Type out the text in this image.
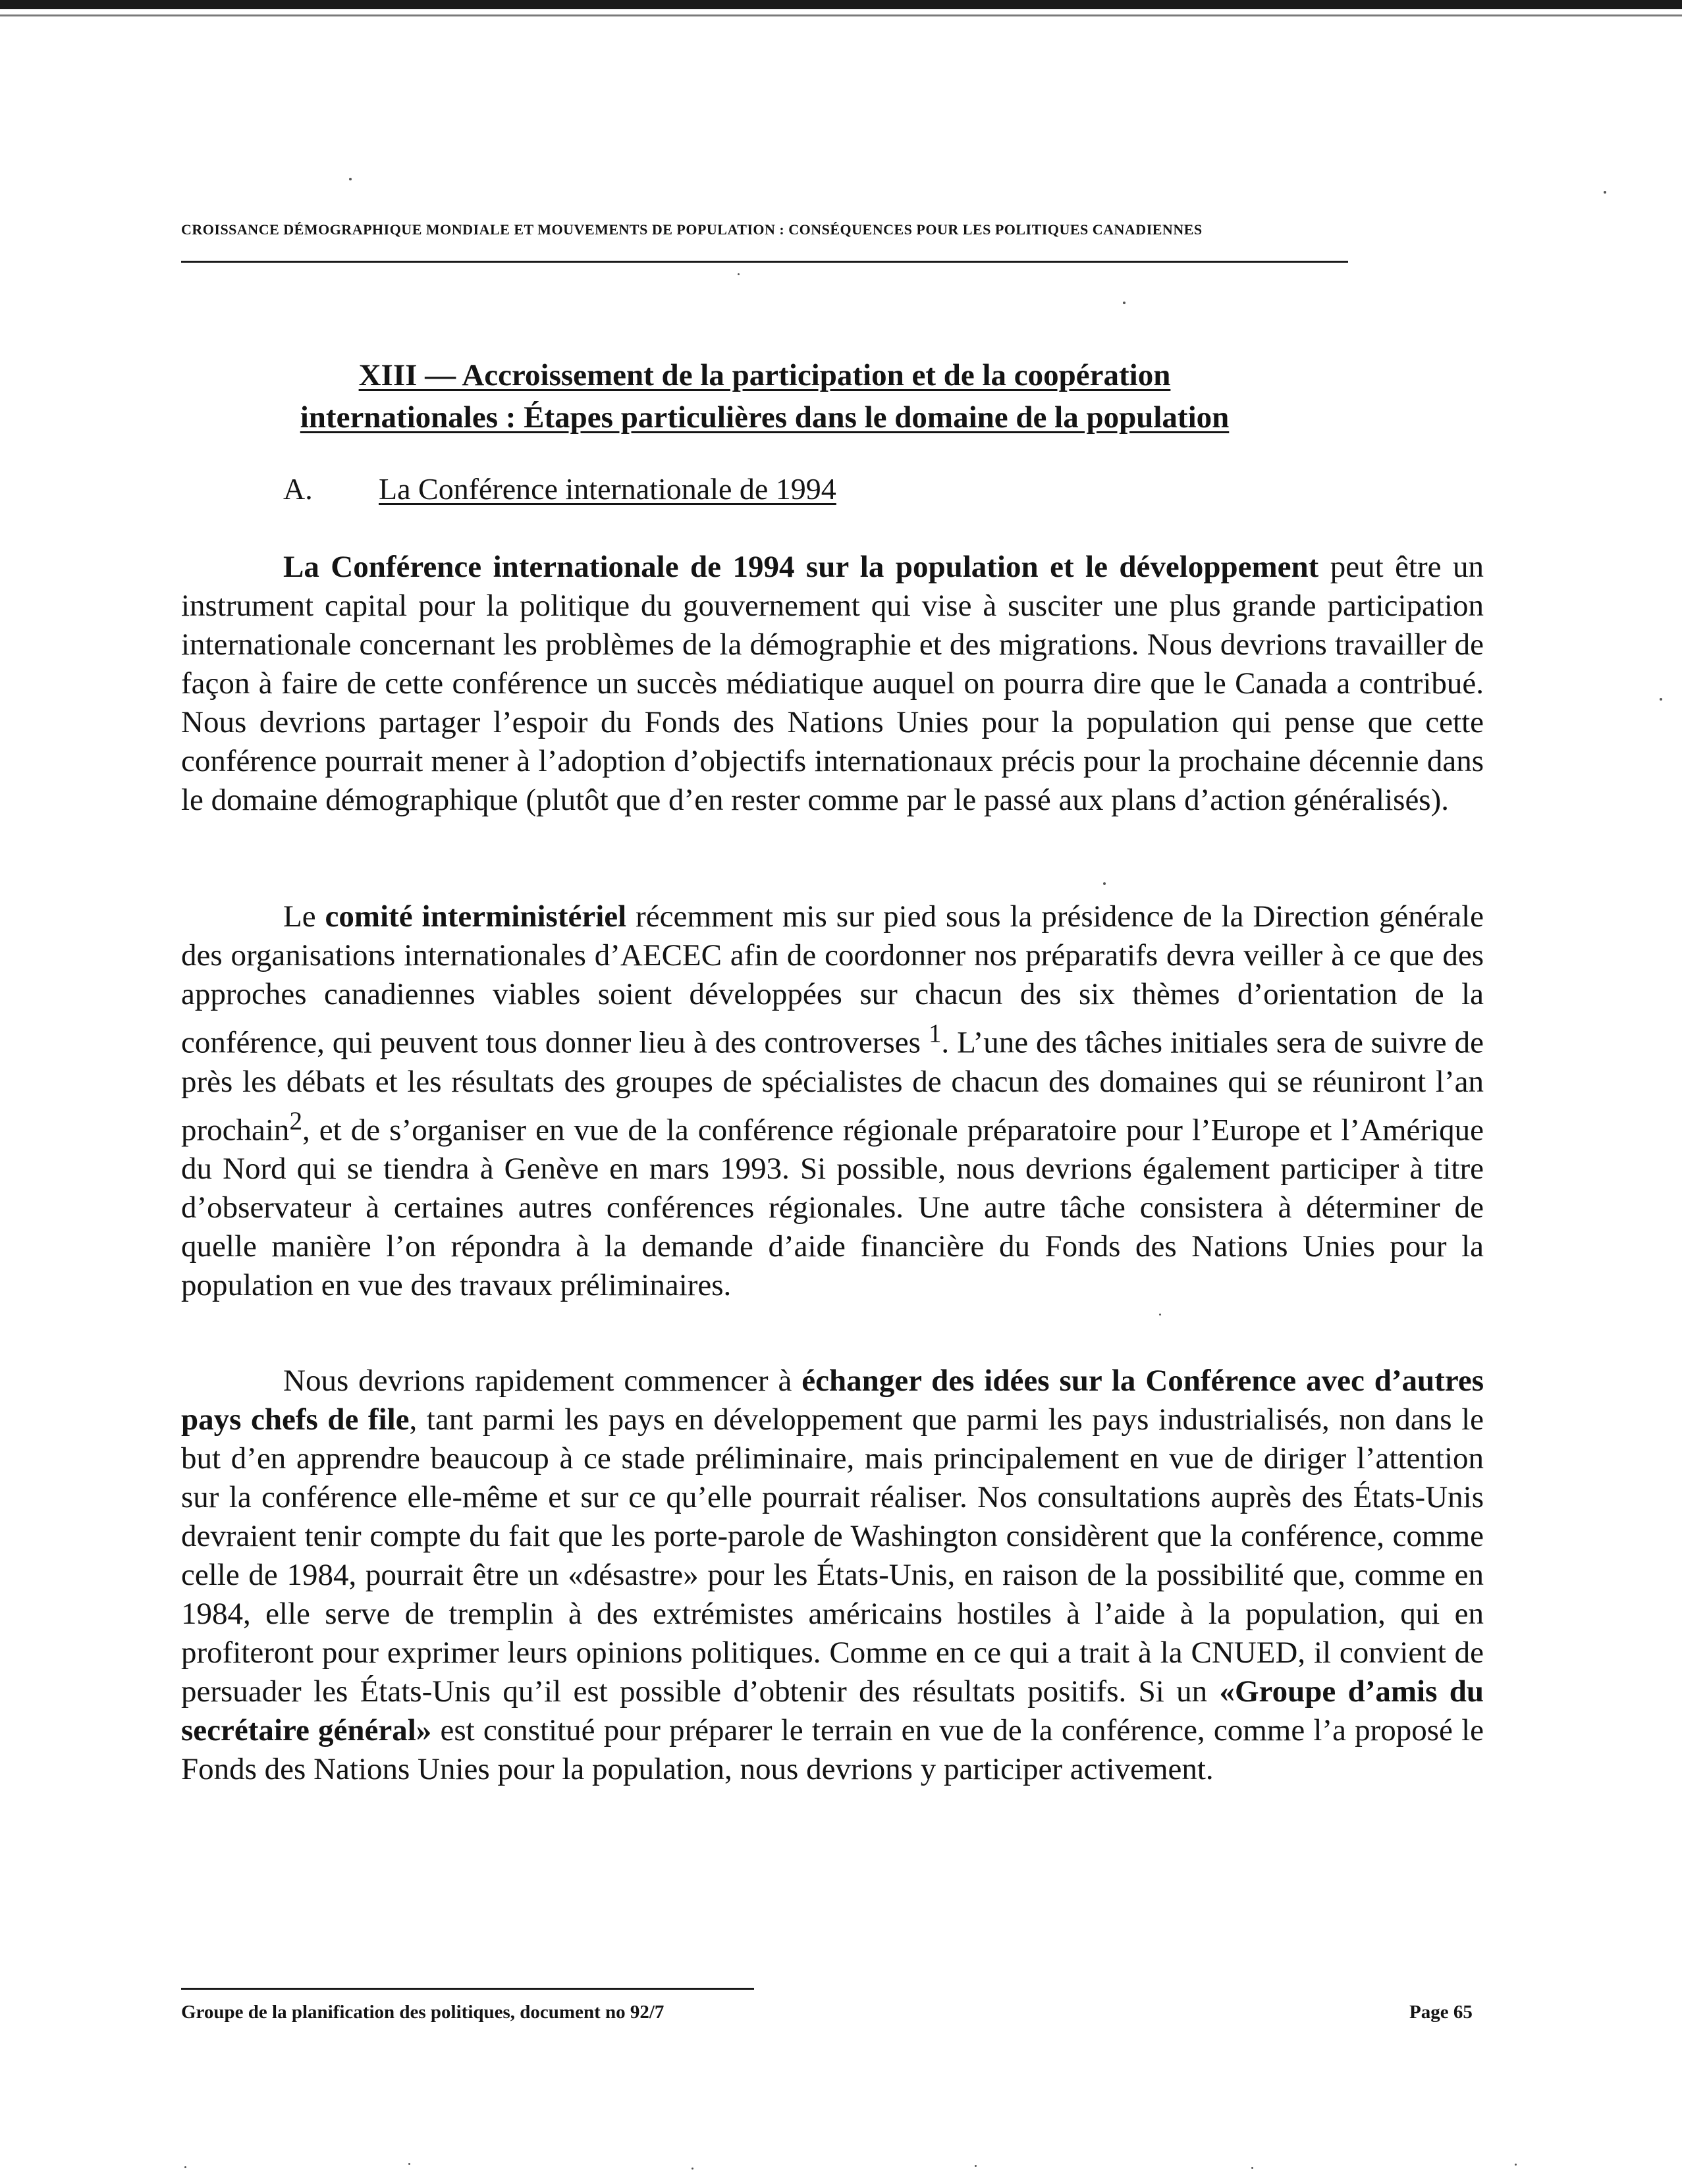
CROISSANCE DÉMOGRAPHIQUE MONDIALE ET MOUVEMENTS DE POPULATION : CONSÉQUENCES POUR LES POLITIQUES CANADIENNES
XIII — Accroissement de la participation et de la coopération
internationales : Étapes particulières dans le domaine de la population
A. La Conférence internationale de 1994

La Conférence internationale de 1994 sur la population et le développement peut être un instrument capital pour la politique du gouvernement qui vise à susciter une plus grande participation internationale concernant les problèmes de la démographie et des migrations. Nous devrions travailler de façon à faire de cette conférence un succès médiatique auquel on pourra dire que le Canada a contribué. Nous devrions partager l’espoir du Fonds des Nations Unies pour la population qui pense que cette conférence pourrait mener à l’adoption d’objectifs internationaux précis pour la prochaine décennie dans le domaine démographique (plutôt que d’en rester comme par le passé aux plans d’action généralisés).

Le comité interministériel récemment mis sur pied sous la présidence de la Direction générale des organisations internationales d’AECEC afin de coordonner nos préparatifs devra veiller à ce que des approches canadiennes viables soient développées sur chacun des six thèmes d’orientation de la conférence, qui peuvent tous donner lieu à des controverses $^1$. L’une des tâches initiales sera de suivre de près les débats et les résultats des groupes de spécialistes de chacun des domaines qui se réuniront l’an prochain$^2$, et de s’organiser en vue de la conférence régionale préparatoire pour l’Europe et l’Amérique du Nord qui se tiendra à Genève en mars 1993. Si possible, nous devrions également participer à titre d’observateur à certaines autres conférences régionales. Une autre tâche consistera à déterminer de quelle manière l’on répondra à la demande d’aide financière du Fonds des Nations Unies pour la population en vue des travaux préliminaires.

Nous devrions rapidement commencer à échanger des idées sur la Conférence avec d’autres pays chefs de file, tant parmi les pays en développement que parmi les pays industrialisés, non dans le but d’en apprendre beaucoup à ce stade préliminaire, mais principalement en vue de diriger l’attention sur la conférence elle-même et sur ce qu’elle pourrait réaliser. Nos consultations auprès des États-Unis devraient tenir compte du fait que les porte-parole de Washington considèrent que la conférence, comme celle de 1984, pourrait être un «désastre» pour les États-Unis, en raison de la possibilité que, comme en 1984, elle serve de tremplin à des extrémistes américains hostiles à l’aide à la population, qui en profiteront pour exprimer leurs opinions politiques. Comme en ce qui a trait à la CNUED, il convient de persuader les États-Unis qu’il est possible d’obtenir des résultats positifs. Si un «Groupe d’amis du secrétaire général» est constitué pour préparer le terrain en vue de la conférence, comme l’a proposé le Fonds des Nations Unies pour la population, nous devrions y participer activement.

Groupe de la planification des politiques, document no 92/7	Page 65
